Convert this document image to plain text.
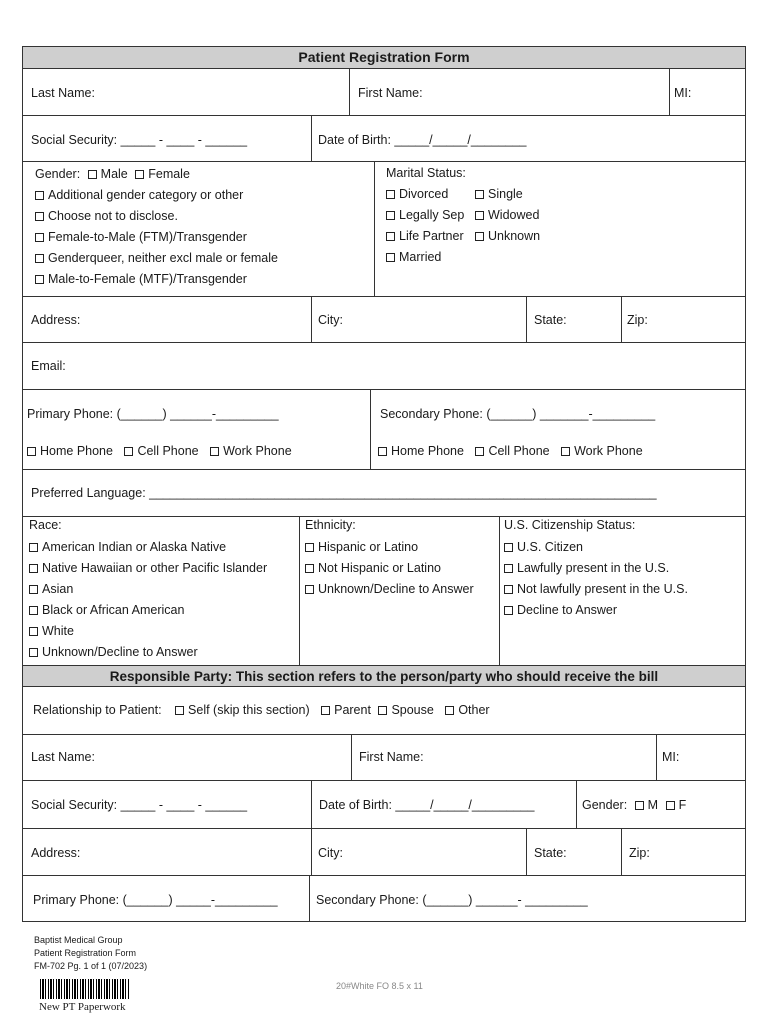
Patient Registration Form
Last Name:	First Name:	MI:
Social Security: _____ - ____ - ______	Date of Birth: _____/_____/________
Gender: Male Female
Additional gender category or other
Choose not to disclose.
Female-to-Male (FTM)/Transgender
Genderqueer, neither excl male or female
Male-to-Female (MTF)/Transgender
Marital Status:
Divorced	Single
Legally Sep	Widowed
Life Partner	Unknown
Married
Address:	City:	State:	Zip:
Email:
Primary Phone: (______) ______-_________	Secondary Phone: (______) _______-_________
Home Phone Cell Phone Work Phone	Home Phone Cell Phone Work Phone
Preferred Language: _________________________________________________________________________
Race:
American Indian or Alaska Native
Native Hawaiian or other Pacific Islander
Asian
Black or African American
White
Unknown/Decline to Answer
Ethnicity:
Hispanic or Latino
Not Hispanic or Latino
Unknown/Decline to Answer
U.S. Citizenship Status:
U.S. Citizen
Lawfully present in the U.S.
Not lawfully present in the U.S.
Decline to Answer
Responsible Party: This section refers to the person/party who should receive the bill
Relationship to Patient: Self (skip this section) Parent Spouse Other
Last Name:	First Name:	MI:
Social Security: _____ - ____ - ______	Date of Birth: _____/_____/_________	Gender: M F
Address:	City:	State:	Zip:
Primary Phone: (______) _____-_________	Secondary Phone: (______) ______- _________
Baptist Medical Group
Patient Registration Form
FM-702 Pg. 1 of 1 (07/2023)
20#White FO 8.5 x 11
New PT Paperwork
